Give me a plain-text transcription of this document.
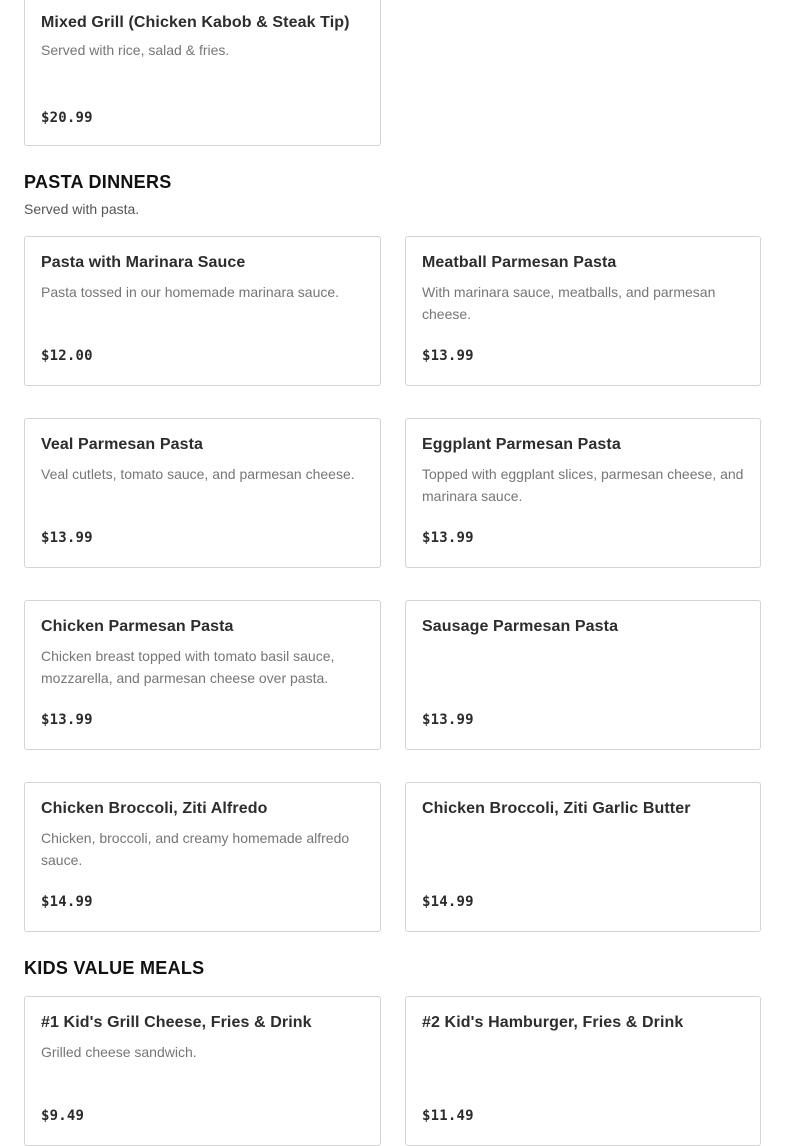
Mixed Grill (Chicken Kabob & Steak Tip)
Served with rice, salad & fries.
$20.99
PASTA DINNERS
Served with pasta.
Pasta with Marinara Sauce
Pasta tossed in our homemade marinara sauce.
$12.00
Meatball Parmesan Pasta
With marinara sauce, meatballs, and parmesan cheese.
$13.99
Veal Parmesan Pasta
Veal cutlets, tomato sauce, and parmesan cheese.
$13.99
Eggplant Parmesan Pasta
Topped with eggplant slices, parmesan cheese, and marinara sauce.
$13.99
Chicken Parmesan Pasta
Chicken breast topped with tomato basil sauce, mozzarella, and parmesan cheese over pasta.
$13.99
Sausage Parmesan Pasta
$13.99
Chicken Broccoli, Ziti Alfredo
Chicken, broccoli, and creamy homemade alfredo sauce.
$14.99
Chicken Broccoli, Ziti Garlic Butter
$14.99
KIDS VALUE MEALS
#1 Kid's Grill Cheese, Fries & Drink
Grilled cheese sandwich.
$9.49
#2 Kid's Hamburger, Fries & Drink
$11.49
